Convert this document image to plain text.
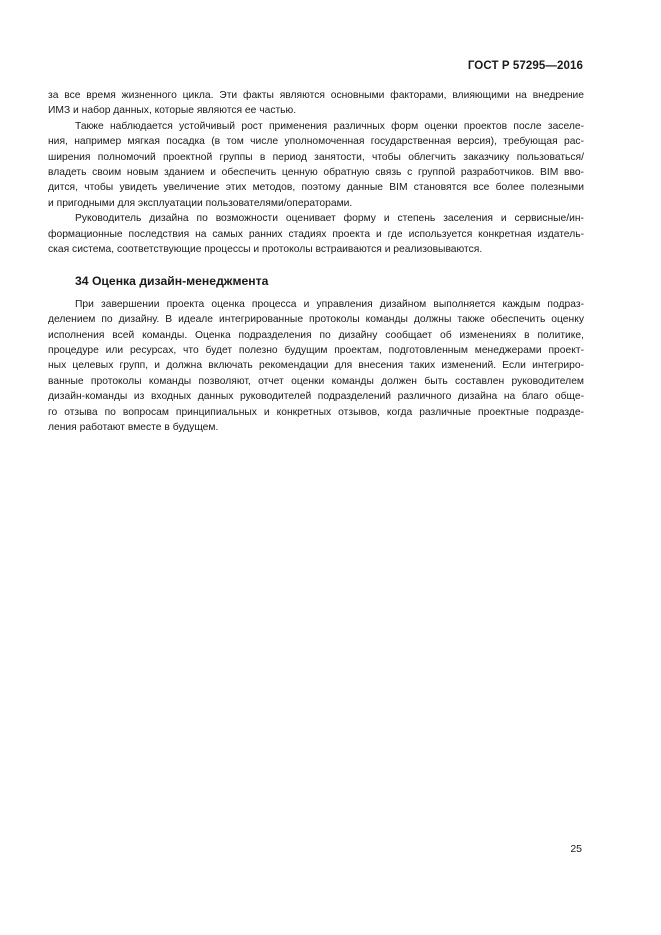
ГОСТ Р 57295—2016
за все время жизненного цикла. Эти факты являются основными факторами, влияющими на внедрение
ИМЗ и набор данных, которые являются ее частью.
Также наблюдается устойчивый рост применения различных форм оценки проектов после заселе-
ния, например мягкая посадка (в том числе уполномоченная государственная версия), требующая рас-
ширения полномочий проектной группы в период занятости, чтобы облегчить заказчику пользоваться/
владеть своим новым зданием и обеспечить ценную обратную связь с группой разработчиков. BIM вво-
дится, чтобы увидеть увеличение этих методов, поэтому данные BIM становятся все более полезными
и пригодными для эксплуатации пользователями/операторами.
Руководитель дизайна по возможности оценивает форму и степень заселения и сервисные/ин-
формационные последствия на самых ранних стадиях проекта и где используется конкретная издатель-
ская система, соответствующие процессы и протоколы встраиваются и реализовываются.
34 Оценка дизайн-менеджмента
При завершении проекта оценка процесса и управления дизайном выполняется каждым подраз-
делением по дизайну. В идеале интегрированные протоколы команды должны также обеспечить оценку
исполнения всей команды. Оценка подразделения по дизайну сообщает об изменениях в политике,
процедуре или ресурсах, что будет полезно будущим проектам, подготовленным менеджерами проект-
ных целевых групп, и должна включать рекомендации для внесения таких изменений. Если интегриро-
ванные протоколы команды позволяют, отчет оценки команды должен быть составлен руководителем
дизайн-команды из входных данных руководителей подразделений различного дизайна на благо обще-
го отзыва по вопросам принципиальных и конкретных отзывов, когда различные проектные подразде-
ления работают вместе в будущем.
25
